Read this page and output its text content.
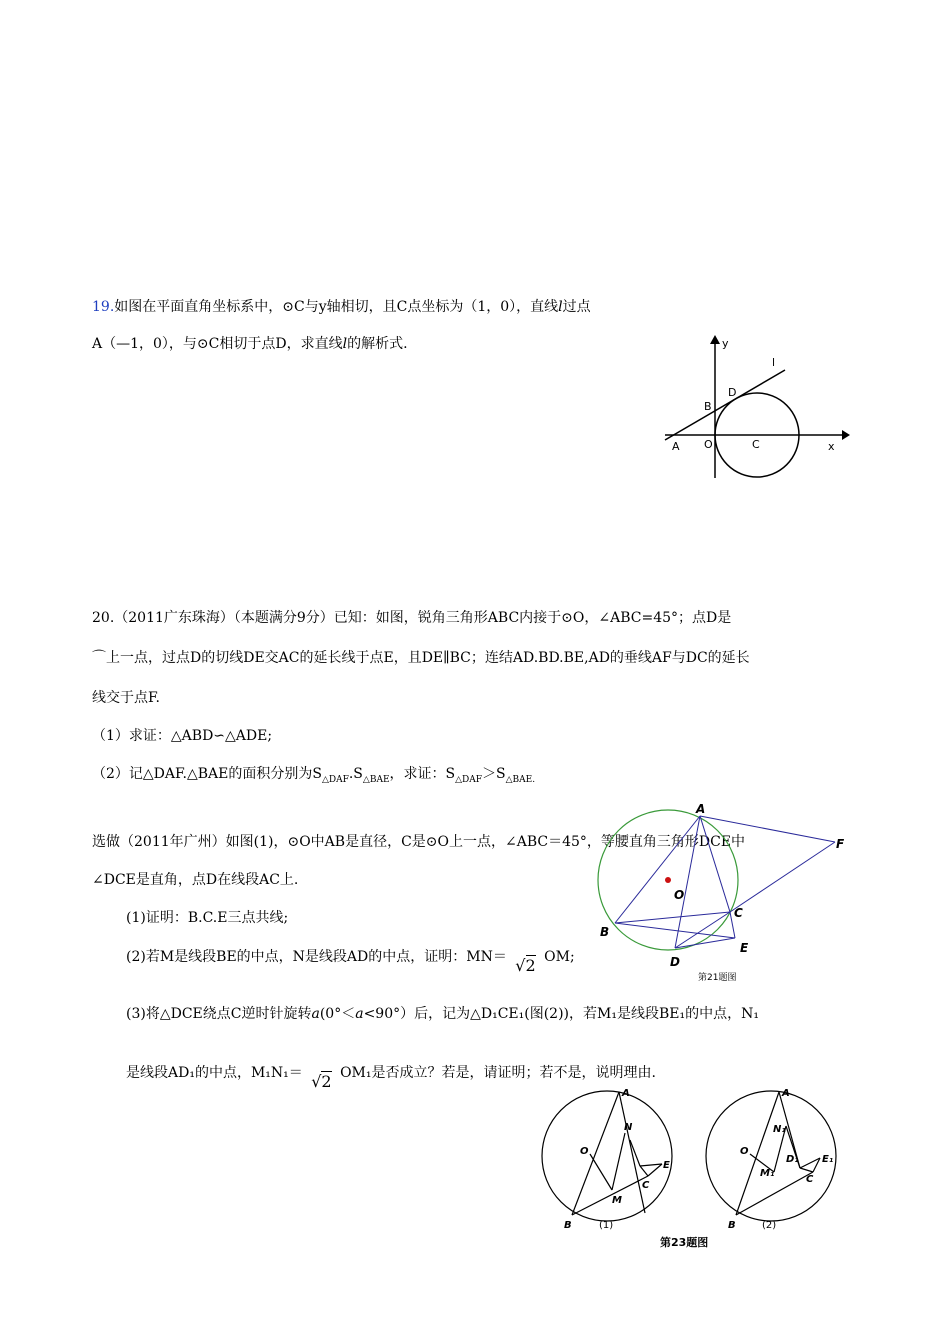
19.如图在平面直角坐标系中，⊙C与y轴相切，且C点坐标为（1，0），直线l过点
A（—1，0），与⊙C相切于点D，求直线l的解析式.	y
x
l
A O
B
D
C
20.（2011广东珠海）（本题满分9分）已知：如图，锐角三角形ABC内接于⊙O，∠ABC=45°；点D是
⌒上一点，过点D的切线DE交AC的延长线于点E，且DE∥BC；连结AD.BD.BE,AD的垂线AF与DC的延长
线交于点F.
（1）求证：△ABD∽△ADE;
（2）记△DAF.△BAE的面积分别为$S_{\triangle DAF}.S_{\triangle BAE}$，求证：$S_{\triangle DAF}>S_{\triangle BAE.}$
选做（2011年广州）如图(1)，⊙O中AB是直径，C是⊙O上一点，∠ABC＝45°，等腰直角三角形DCE中
∠DCE是直角，点D在线段AC上.
(1)证明：B.C.E三点共线;
(2)若M是线段BE的中点，N是线段AD的中点，证明：MN＝ √2 OM;
(3)将△DCE绕点C逆时针旋转a(0°＜a<90°）后，记为△D₁CE₁(图(2))，若M₁是线段BE₁的中点，N₁
是线段AD₁的中点，M₁N₁＝ √2 OM₁是否成立？若是，请证明；若不是，说明理由.
A
O
B
C
D
E
F
第21题图
A
O
N
E
M
C
B	(1)
A
O
N₁
D₁ E₁
M₁
C
B	(2)
第23题图
